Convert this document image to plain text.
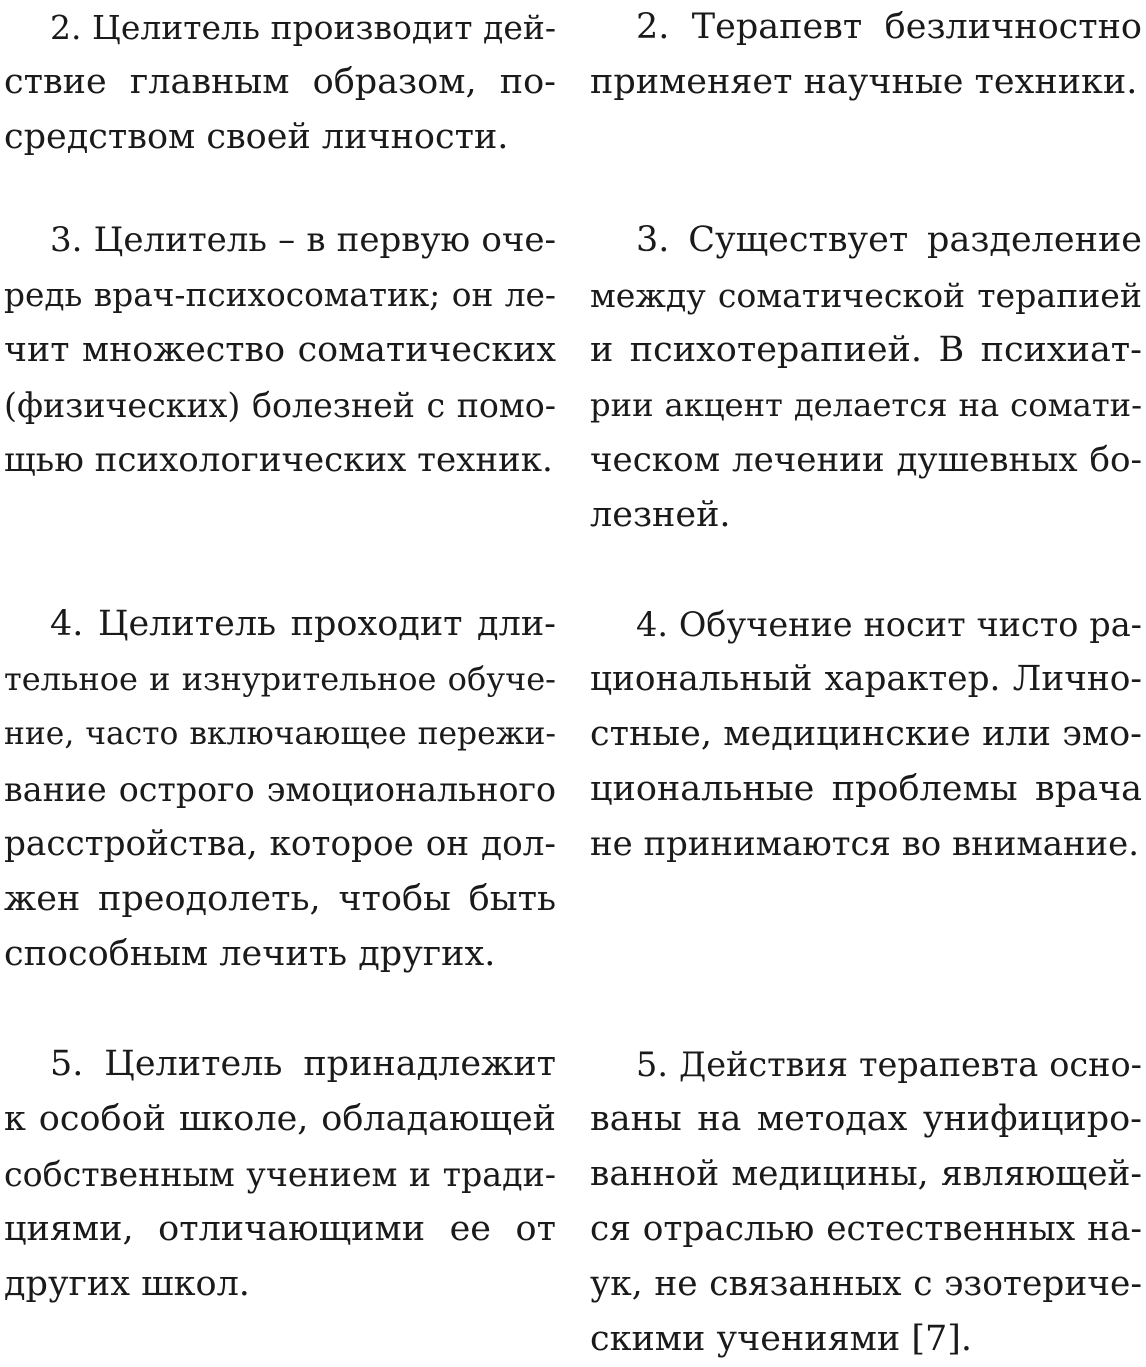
2. Целитель производит дей-
ствие главным образом, по-
средством своей личности.
2. Терапевт безличностно
применяет научные техники.
3. Целитель – в первую оче-
редь врач-психосоматик; он ле-
чит множество соматических
(физических) болезней с помо-
щью психологических техник.
3. Существует разделение
между соматической терапией
и психотерапией. В психиат-
рии акцент делается на сомати-
ческом лечении душевных бо-
лезней.
4. Целитель проходит дли-
тельное и изнурительное обуче-
ние, часто включающее пережи-
вание острого эмоционального
расстройства, которое он дол-
жен преодолеть, чтобы быть
способным лечить других.
4. Обучение носит чисто ра-
циональный характер. Лично-
стные, медицинские или эмо-
циональные проблемы врача
не принимаются во внимание.
5. Целитель принадлежит
к особой школе, обладающей
собственным учением и тради-
циями, отличающими ее от
других школ.
5. Действия терапевта осно-
ваны на методах унифициро-
ванной медицины, являющей-
ся отраслью естественных на-
ук, не связанных с эзотериче-
скими учениями [7].
